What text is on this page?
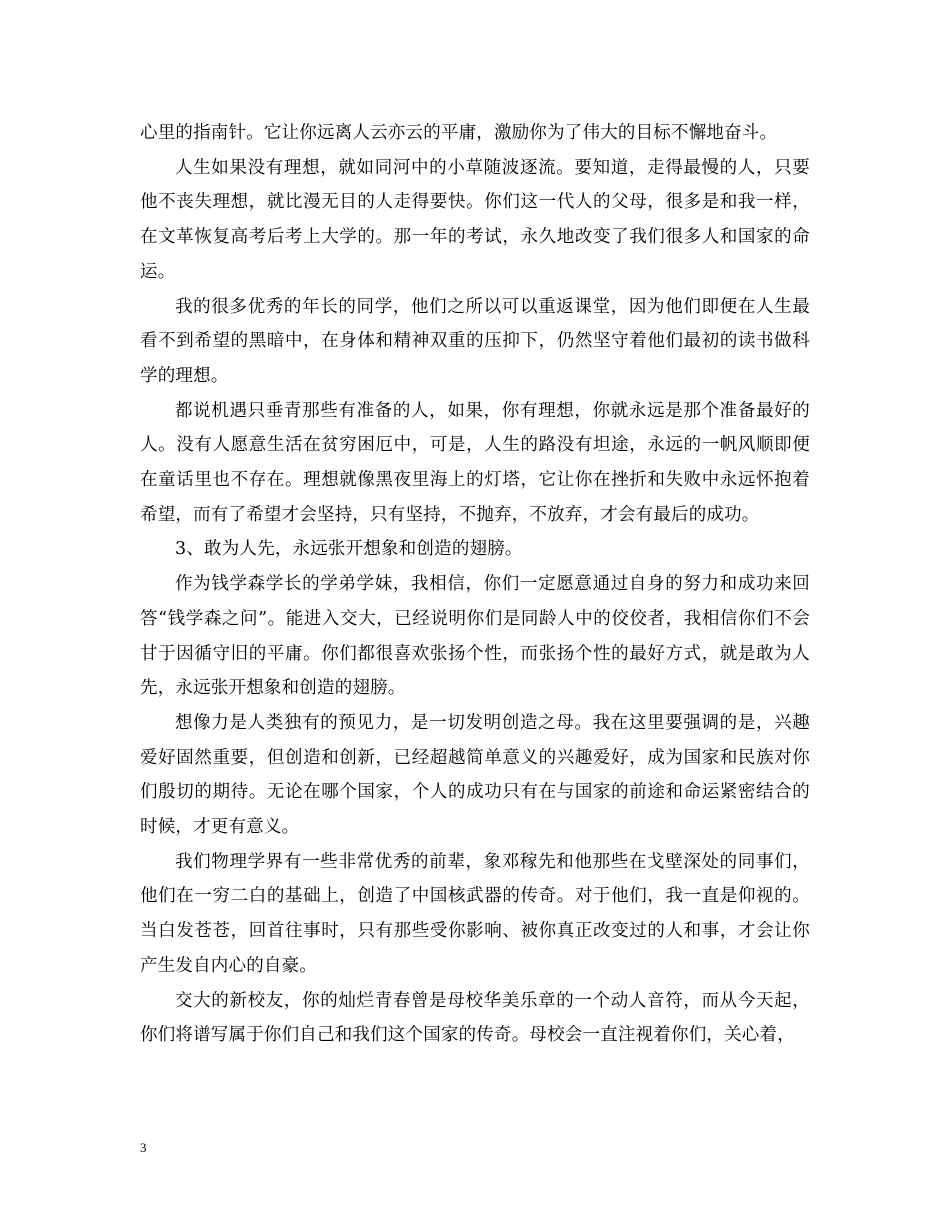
心里的指南针。它让你远离人云亦云的平庸，激励你为了伟大的目标不懈地奋斗。

人生如果没有理想，就如同河中的小草随波逐流。要知道，走得最慢的人，只要他不丧失理想，就比漫无目的人走得要快。你们这一代人的父母，很多是和我一样，在文革恢复高考后考上大学的。那一年的考试，永久地改变了我们很多人和国家的命运。

我的很多优秀的年长的同学，他们之所以可以重返课堂，因为他们即便在人生最看不到希望的黑暗中，在身体和精神双重的压抑下，仍然坚守着他们最初的读书做科学的理想。

都说机遇只垂青那些有准备的人，如果，你有理想，你就永远是那个准备最好的人。没有人愿意生活在贫穷困厄中，可是，人生的路没有坦途，永远的一帆风顺即便在童话里也不存在。理想就像黑夜里海上的灯塔，它让你在挫折和失败中永远怀抱着希望，而有了希望才会坚持，只有坚持，不抛弃，不放弃，才会有最后的成功。

3、敢为人先，永远张开想象和创造的翅膀。

作为钱学森学长的学弟学妹，我相信，你们一定愿意通过自身的努力和成功来回答“钱学森之问”。能进入交大，已经说明你们是同龄人中的佼佼者，我相信你们不会甘于因循守旧的平庸。你们都很喜欢张扬个性，而张扬个性的最好方式，就是敢为人先，永远张开想象和创造的翅膀。

想像力是人类独有的预见力，是一切发明创造之母。我在这里要强调的是，兴趣爱好固然重要，但创造和创新，已经超越简单意义的兴趣爱好，成为国家和民族对你们殷切的期待。无论在哪个国家，个人的成功只有在与国家的前途和命运紧密结合的时候，才更有意义。

我们物理学界有一些非常优秀的前辈，象邓稼先和他那些在戈壁深处的同事们，他们在一穷二白的基础上，创造了中国核武器的传奇。对于他们，我一直是仰视的。当白发苍苍，回首往事时，只有那些受你影响、被你真正改变过的人和事，才会让你产生发自内心的自豪。

交大的新校友，你的灿烂青春曾是母校华美乐章的一个动人音符，而从今天起，你们将谱写属于你们自己和我们这个国家的传奇。母校会一直注视着你们，关心着，

3
